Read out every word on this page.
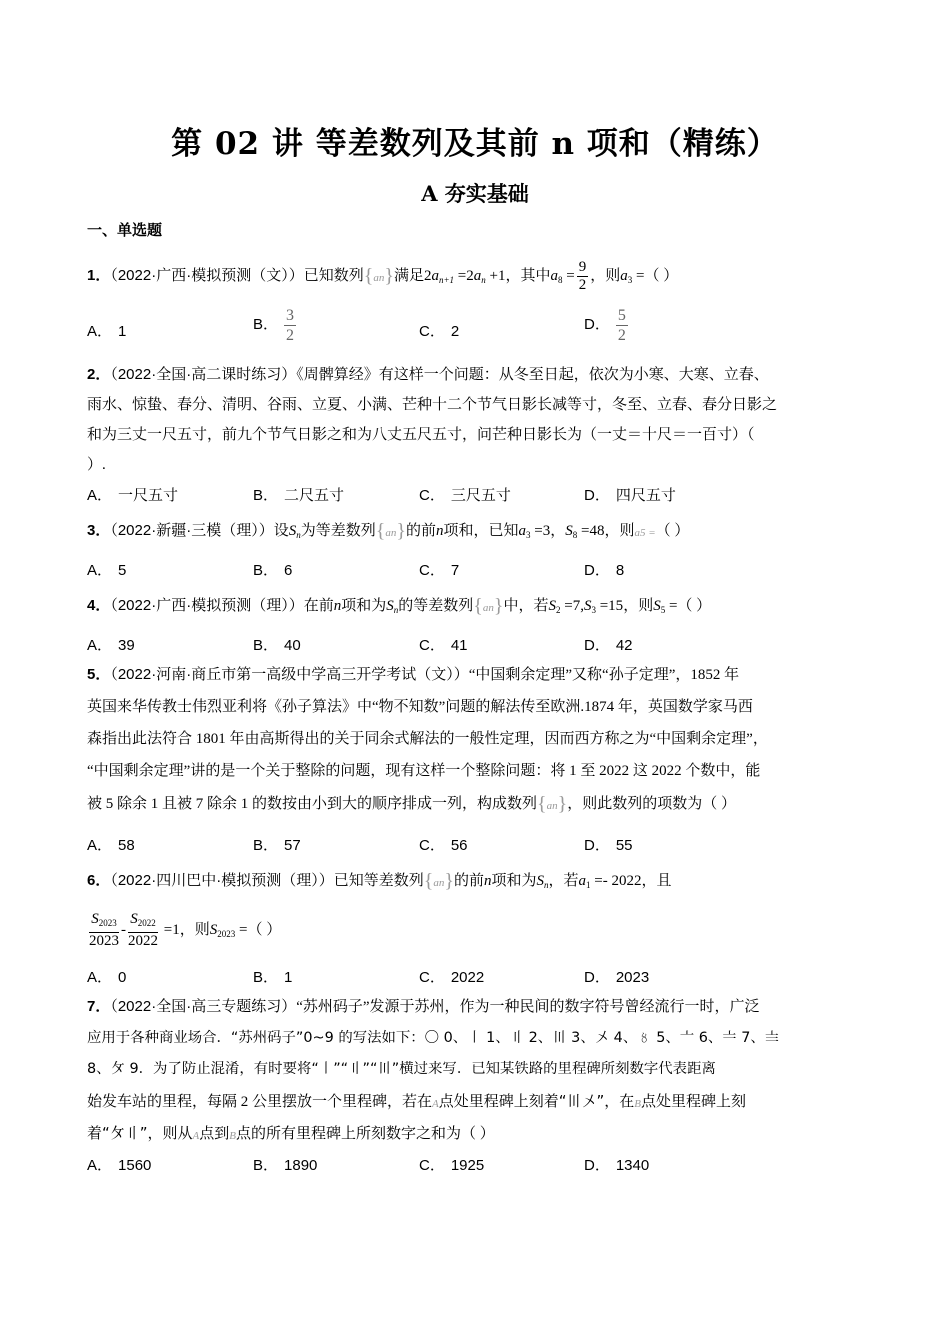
第 02 讲 等差数列及其前 n 项和（精练）
A 夯实基础
一、单选题
1．（2022·广西·模拟预测（文））已知数列{an}满足$2a_{n+1} =2a_n +1$，其中$a_8 = \frac{9}{2}$ ，则$a_3$ =（ ）
A． 1	B． $\frac{3}{2}$	C． 2	D． $\frac{5}{2}$
2．（2022·全国·高二课时练习）《周髀算经》有这样一个问题：从冬至日起，依次为小寒、大寒、立春、
雨水、惊蛰、春分、清明、谷雨、立夏、小满、芒种十二个节气日影长减等寸，冬至、立春、春分日影之
和为三丈一尺五寸，前九个节气日影之和为八丈五尺五寸，问芒种日影长为（一丈＝十尺＝一百寸）（
）.
A． 一尺五寸	B． 二尺五寸	C． 三尺五寸	D． 四尺五寸
3．（2022·新疆·三模（理））设$S_n$为等差数列{an}的前n项和，已知$a_3 =3$，$S_8 =48$，则a5 =（ ）
A． 5	B． 6	C． 7	D． 8
4．（2022·广西·模拟预测（理））在前n项和为$S_n$的等差数列{an}中，若$S_2 =7,S_3 =15$，则$S_5$ =（ ）
A． 39	B． 40	C． 41	D． 42
5．（2022·河南·商丘市第一高级中学高三开学考试（文））“中国剩余定理”又称“孙子定理”，1852 年
英国来华传教士伟烈亚利将《孙子算法》中“物不知数”问题的解法传至欧洲.1874 年，英国数学家马西
森指出此法符合 1801 年由高斯得出的关于同余式解法的一般性定理，因而西方称之为“中国剩余定理”，
“中国剩余定理”讲的是一个关于整除的问题，现有这样一个整除问题：将 1 至 2022 这 2022 个数中，能
被 5 除余 1 且被 7 除余 1 的数按由小到大的顺序排成一列，构成数列{an}，则此数列的项数为（ ）
A． 58	B． 57	C． 56	D． 55
6．（2022·四川巴中·模拟预测（理））已知等差数列{an}的前n项和为$S_n$，若$a_1 =- 2022$，且
$\frac{S_{2023}}{2023} - \frac{S_{2022}}{2022} =1$，则$S_{2023}$ =（ ）
A． 0	B． 1	C． 2022	D． 2023
7．（2022·全国·高三专题练习）“苏州码子”发源于苏州，作为一种民间的数字符号曾经流行一时，广泛
应用于各种商业场合．“苏州码子”0~9 的写法如下：〇 0、〡 1、〢 2、〣 3、〤 4、〥 5、〦 6、〧 7、〨
8、〩 9．为了防止混淆，有时要将“〡”“〢”“〣”横过来写．已知某铁路的里程碑所刻数字代表距离
始发车站的里程，每隔 2 公里摆放一个里程碑，若在A点处里程碑上刻着“〣〤”，在B点处里程碑上刻
着“〩〢”，则从A点到B点的所有里程碑上所刻数字之和为（ ）
A． 1560	B． 1890	C． 1925	D． 1340
